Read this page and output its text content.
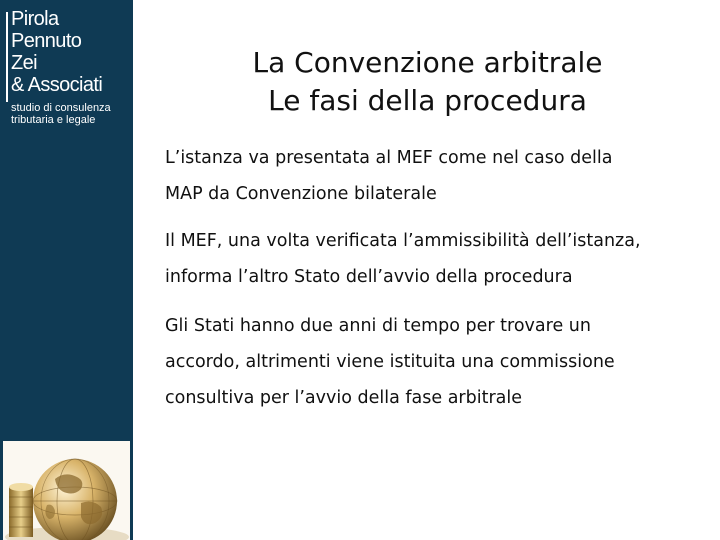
Pirola
Pennuto
Zei
& Associati
studio di consulenza
tributaria e legale
La Convenzione arbitrale
Le fasi della procedura
L’istanza va presentata al MEF come nel caso della
MAP da Convenzione bilaterale
Il MEF, una volta verificata l’ammissibilità dell’istanza,
informa l’altro Stato dell’avvio della procedura
Gli Stati hanno due anni di tempo per trovare un
accordo, altrimenti viene istituita una commissione
consultiva per l’avvio della fase arbitrale
